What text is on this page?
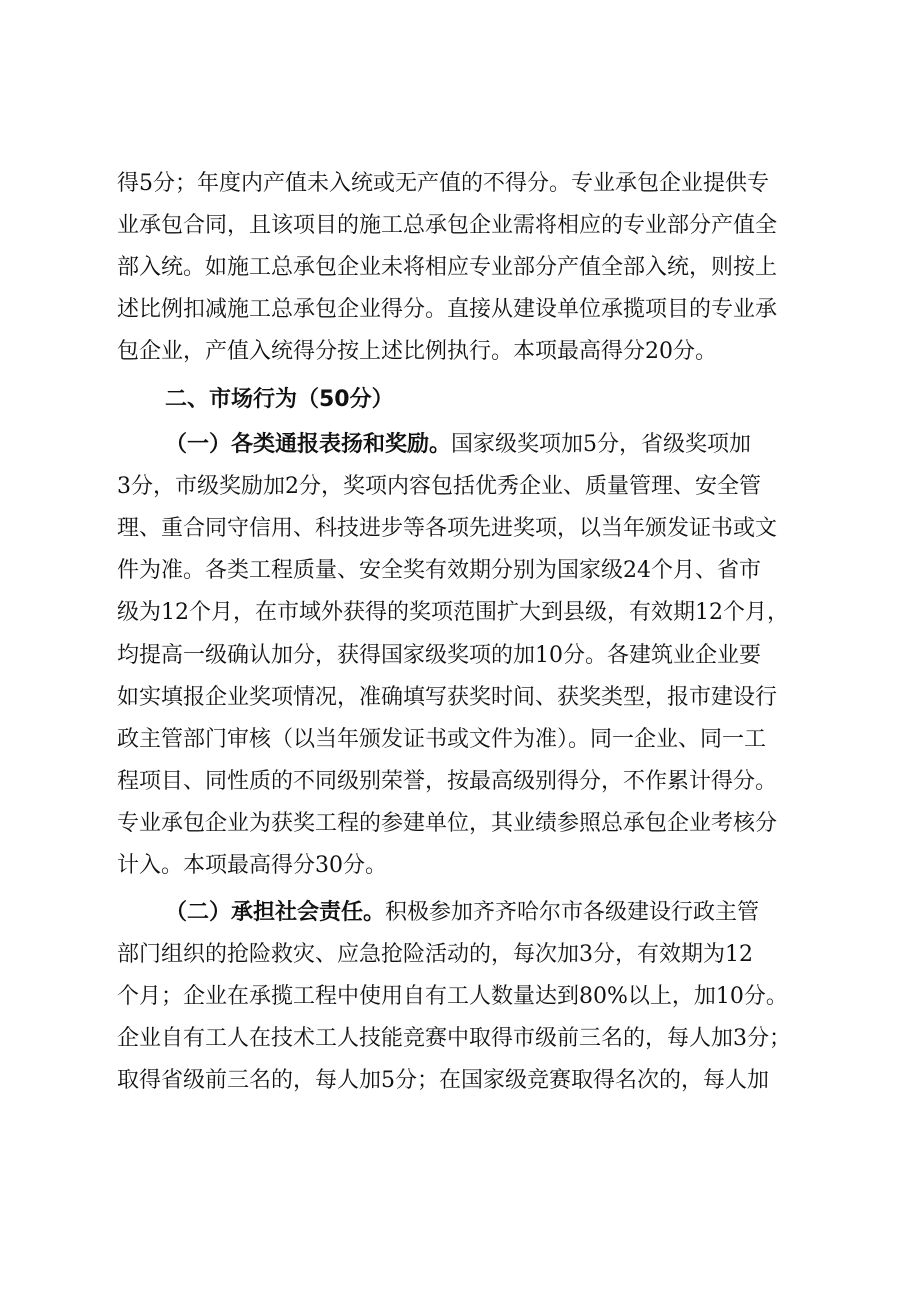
得5分；年度内产值未入统或无产值的不得分。专业承包企业提供专
业承包合同，且该项目的施工总承包企业需将相应的专业部分产值全
部入统。如施工总承包企业未将相应专业部分产值全部入统，则按上
述比例扣减施工总承包企业得分。直接从建设单位承揽项目的专业承
包企业，产值入统得分按上述比例执行。本项最高得分20分。
二、市场行为（50分）
（一）各类通报表扬和奖励。国家级奖项加5分，省级奖项加
3分，市级奖励加2分，奖项内容包括优秀企业、质量管理、安全管
理、重合同守信用、科技进步等各项先进奖项，以当年颁发证书或文
件为准。各类工程质量、安全奖有效期分别为国家级24个月、省市
级为12个月，在市域外获得的奖项范围扩大到县级，有效期12个月，
均提高一级确认加分，获得国家级奖项的加10分。各建筑业企业要
如实填报企业奖项情况，准确填写获奖时间、获奖类型，报市建设行
政主管部门审核（以当年颁发证书或文件为准）。同一企业、同一工
程项目、同性质的不同级别荣誉，按最高级别得分，不作累计得分。
专业承包企业为获奖工程的参建单位，其业绩参照总承包企业考核分
计入。本项最高得分30分。
（二）承担社会责任。积极参加齐齐哈尔市各级建设行政主管
部门组织的抢险救灾、应急抢险活动的，每次加3分，有效期为12
个月；企业在承揽工程中使用自有工人数量达到80%以上，加10分。
企业自有工人在技术工人技能竞赛中取得市级前三名的，每人加3分；
取得省级前三名的，每人加5分；在国家级竞赛取得名次的，每人加
